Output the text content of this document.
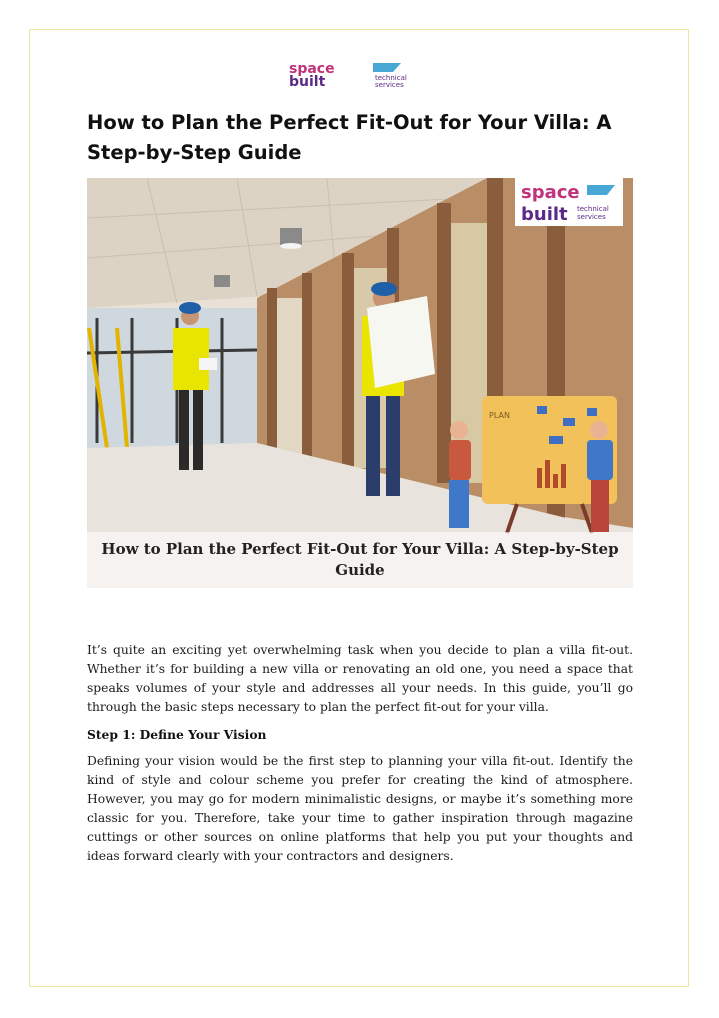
space
built	technical
services
How to Plan the Perfect Fit-Out for Your Villa: A Step-by-Step Guide
PLAN
space
built technical
services
How to Plan the Perfect Fit-Out for Your Villa: A Step-by-Step Guide

It’s quite an exciting yet overwhelming task when you decide to plan a villa fit-out. Whether it’s for building a new villa or renovating an old one, you need a space that speaks volumes of your style and addresses all your needs. In this guide, you’ll go through the basic steps necessary to plan the perfect fit-out for your villa.

Step 1: Define Your Vision

Defining your vision would be the first step to planning your villa fit-out. Identify the kind of style and colour scheme you prefer for creating the kind of atmosphere. However, you may go for modern minimalistic designs, or maybe it’s something more classic for you. Therefore, take your time to gather inspiration through magazine cuttings or other sources on online platforms that help you put your thoughts and ideas forward clearly with your contractors and designers.
